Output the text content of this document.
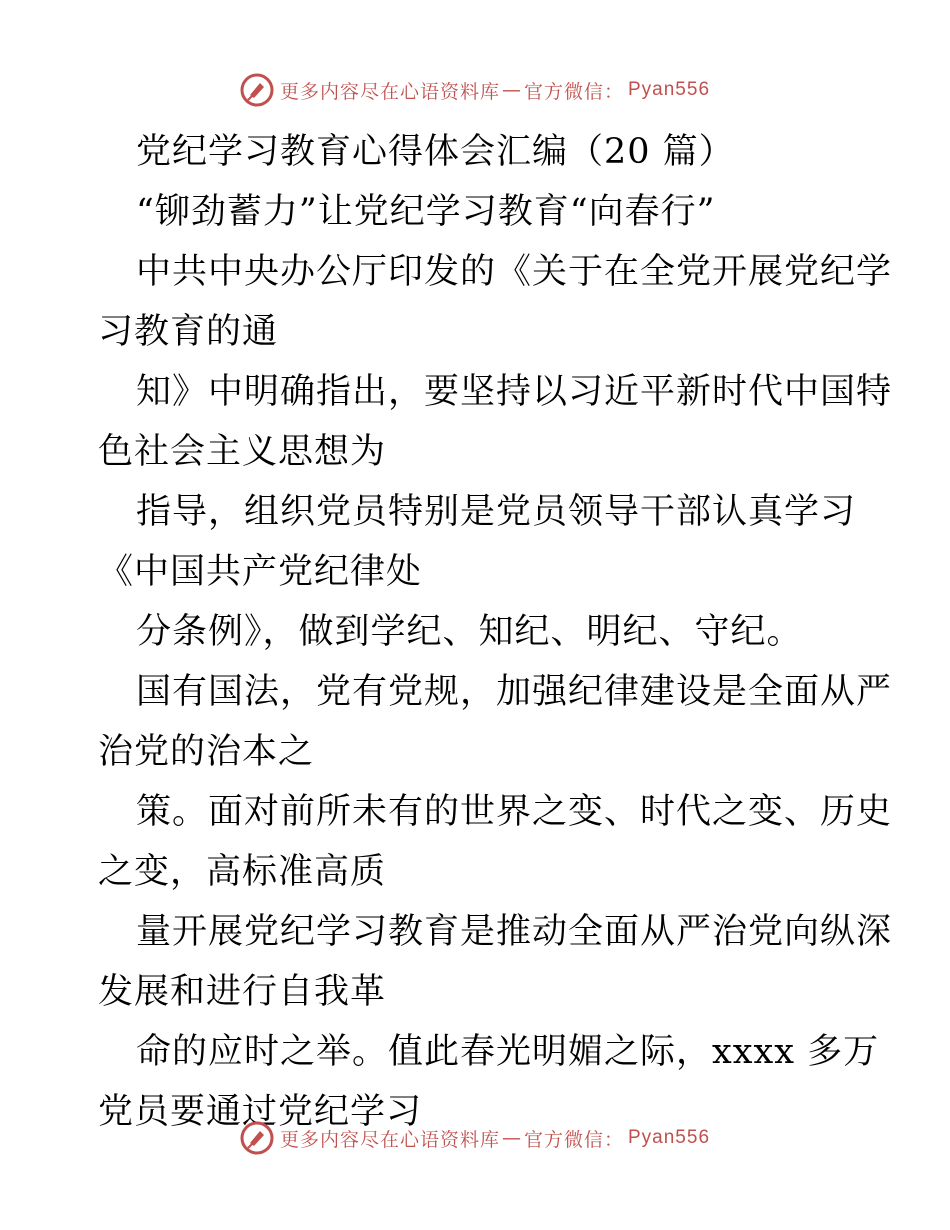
更多内容尽在心语资料库 — 官方微信： Pyan556
党纪学习教育心得体会汇编（20 篇）
“铆劲蓄力”让党纪学习教育“向春行”
中共中央办公厅印发的《关于在全党开展党纪学
习教育的通
知》中明确指出，要坚持以习近平新时代中国特
色社会主义思想为
指导，组织党员特别是党员领导干部认真学习
《中国共产党纪律处
分条例》，做到学纪、知纪、明纪、守纪。
国有国法，党有党规，加强纪律建设是全面从严
治党的治本之
策。面对前所未有的世界之变、时代之变、历史
之变，高标准高质
量开展党纪学习教育是推动全面从严治党向纵深
发展和进行自我革
命的应时之举。值此春光明媚之际，xxxx 多万
党员要通过党纪学习
更多内容尽在心语资料库 — 官方微信： Pyan556
